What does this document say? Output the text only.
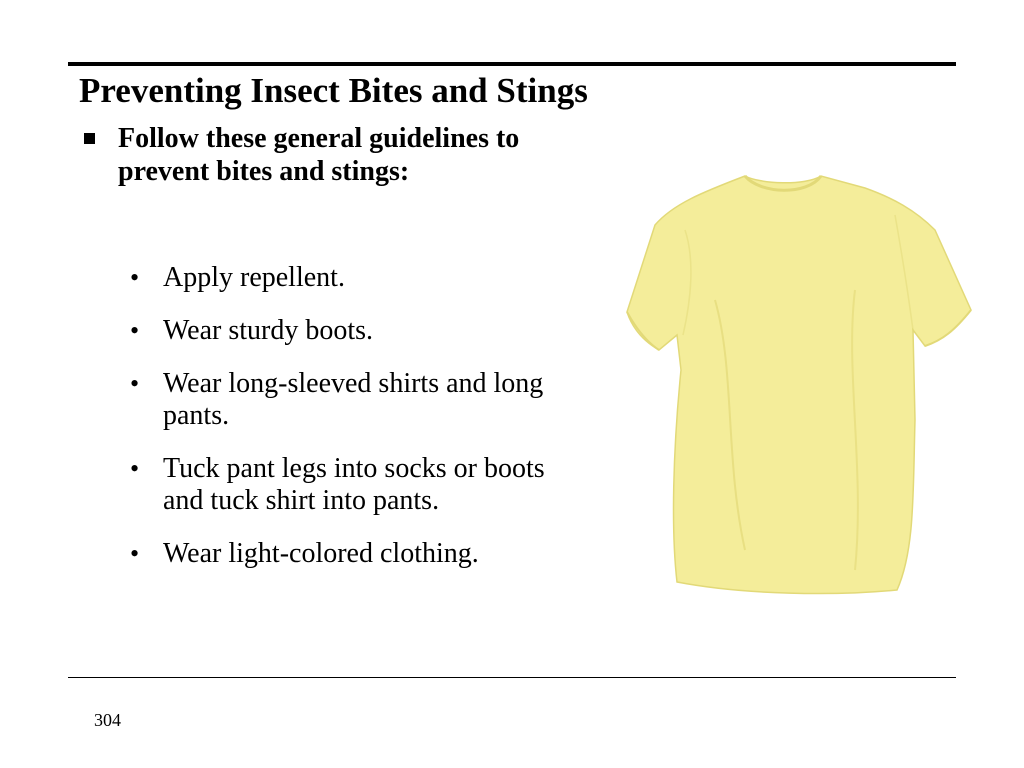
Preventing Insect Bites and Stings
Follow these general guidelines to
prevent bites and stings:
• Apply repellent.
• Wear sturdy boots.
• Wear long-sleeved shirts and long
pants.
• Tuck pant legs into socks or boots
and tuck shirt into pants.
• Wear light-colored clothing.
304
